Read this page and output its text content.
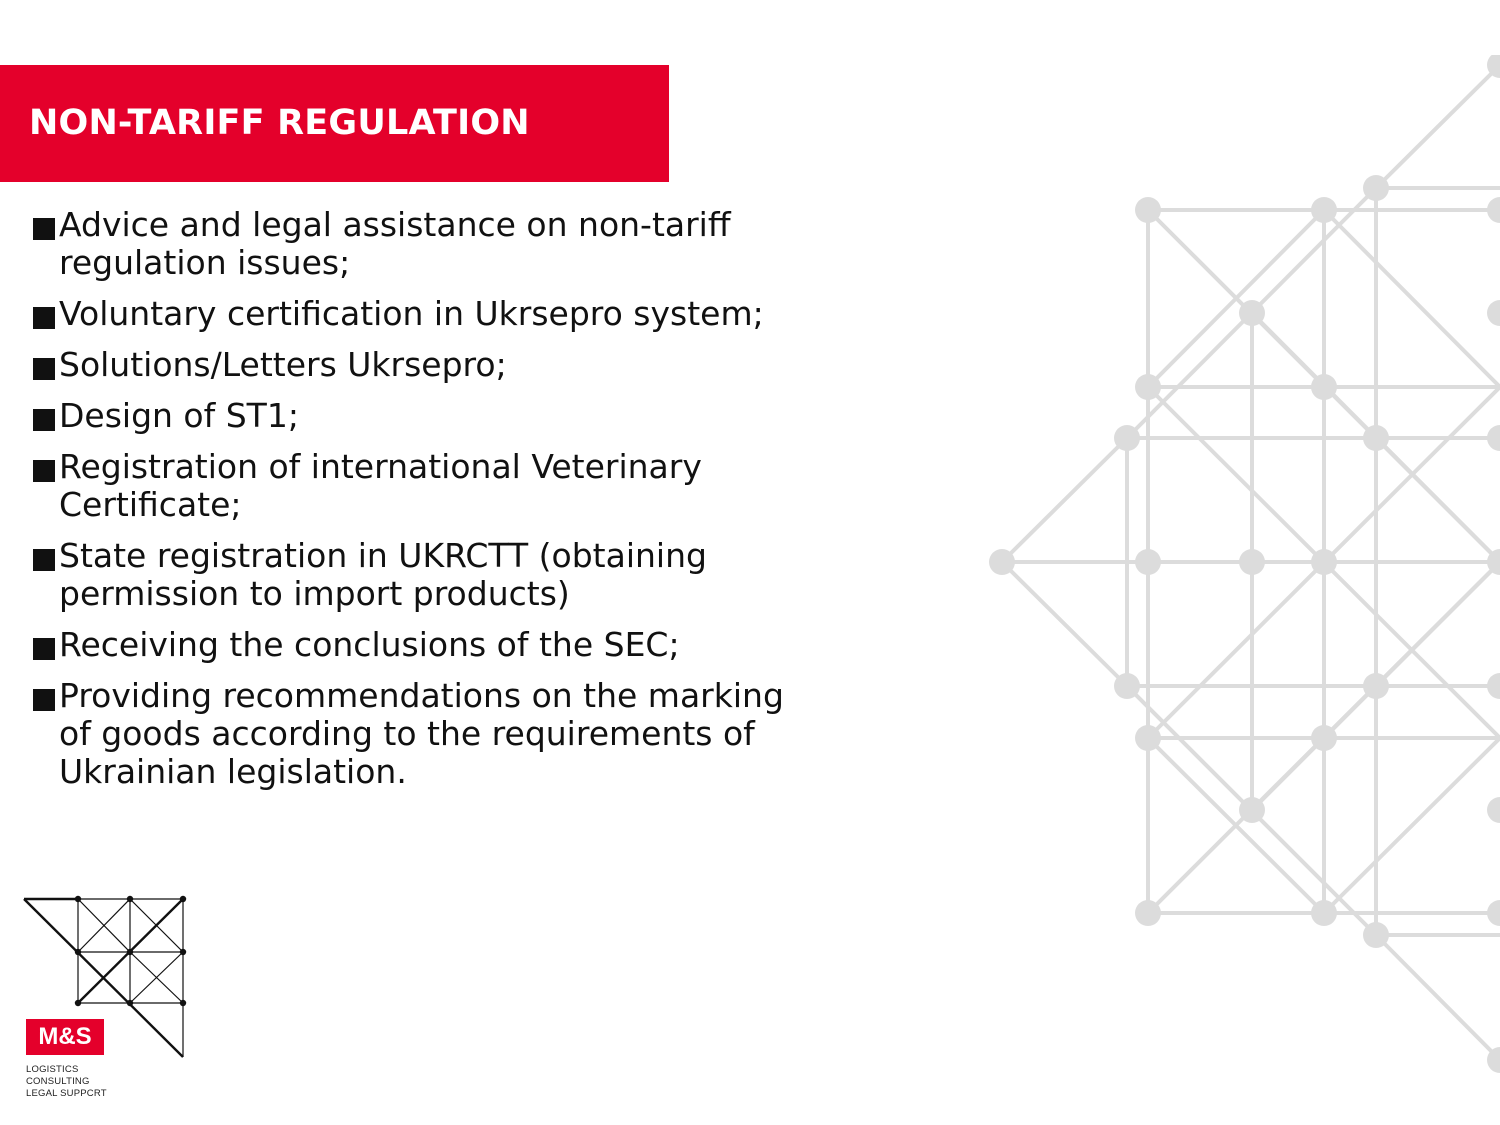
NON-TARIFF REGULATION
Advice and legal assistance on non-tariff regulation issues;
Voluntary certification in Ukrsepro system;
Solutions/Letters Ukrsepro;
Design of ST1;
Registration of international Veterinary Certificate;
State registration in UKRCTT (obtaining permission to import products)
Receiving the conclusions of the SEC;
Providing recommendations on the marking of goods according to the requirements of Ukrainian legislation.
M&S
LOGISTICS
CONSULTING
LEGAL SUPPCRT
